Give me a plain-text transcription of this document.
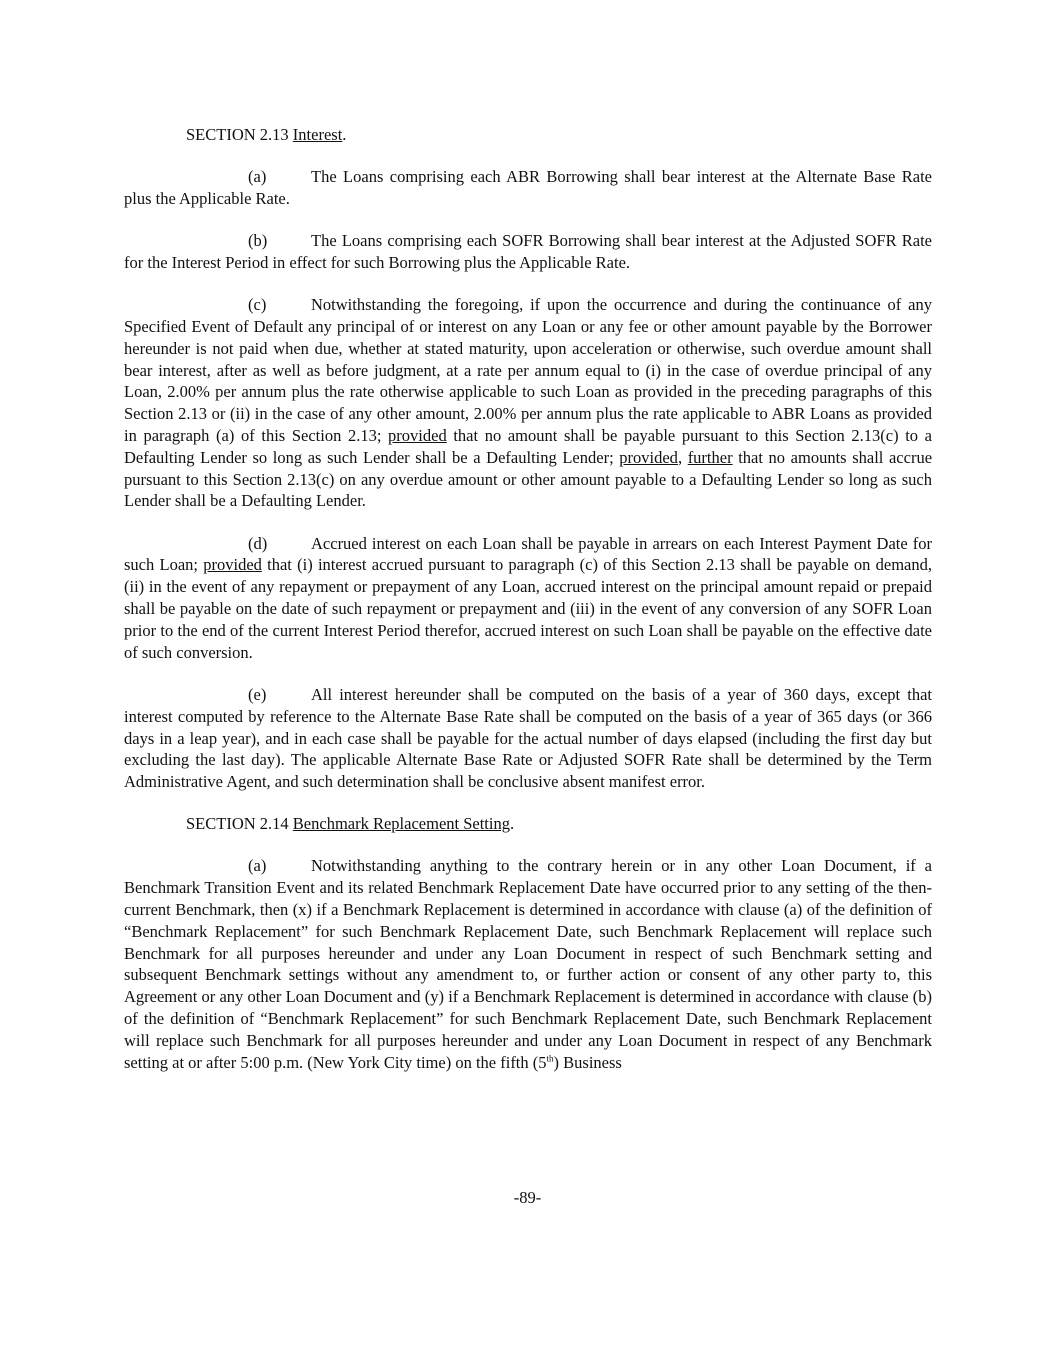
SECTION 2.13 Interest.

(a)	The Loans comprising each ABR Borrowing shall bear interest at the Alternate Base Rate plus the Applicable Rate.

(b)	The Loans comprising each SOFR Borrowing shall bear interest at the Adjusted SOFR Rate for the Interest Period in effect for such Borrowing plus the Applicable Rate.

(c)	Notwithstanding the foregoing, if upon the occurrence and during the continuance of any Specified Event of Default any principal of or interest on any Loan or any fee or other amount payable by the Borrower hereunder is not paid when due, whether at stated maturity, upon acceleration or otherwise, such overdue amount shall bear interest, after as well as before judgment, at a rate per annum equal to (i) in the case of overdue principal of any Loan, 2.00% per annum plus the rate otherwise applicable to such Loan as provided in the preceding paragraphs of this Section 2.13 or (ii) in the case of any other amount, 2.00% per annum plus the rate applicable to ABR Loans as provided in paragraph (a) of this Section 2.13; provided that no amount shall be payable pursuant to this Section 2.13(c) to a Defaulting Lender so long as such Lender shall be a Defaulting Lender; provided, further that no amounts shall accrue pursuant to this Section 2.13(c) on any overdue amount or other amount payable to a Defaulting Lender so long as such Lender shall be a Defaulting Lender.

(d)	Accrued interest on each Loan shall be payable in arrears on each Interest Payment Date for such Loan; provided that (i) interest accrued pursuant to paragraph (c) of this Section 2.13 shall be payable on demand, (ii) in the event of any repayment or prepayment of any Loan, accrued interest on the principal amount repaid or prepaid shall be payable on the date of such repayment or prepayment and (iii) in the event of any conversion of any SOFR Loan prior to the end of the current Interest Period therefor, accrued interest on such Loan shall be payable on the effective date of such conversion.

(e)	All interest hereunder shall be computed on the basis of a year of 360 days, except that interest computed by reference to the Alternate Base Rate shall be computed on the basis of a year of 365 days (or 366 days in a leap year), and in each case shall be payable for the actual number of days elapsed (including the first day but excluding the last day). The applicable Alternate Base Rate or Adjusted SOFR Rate shall be determined by the Term Administrative Agent, and such determination shall be conclusive absent manifest error.

SECTION 2.14 Benchmark Replacement Setting.

(a)	Notwithstanding anything to the contrary herein or in any other Loan Document, if a Benchmark Transition Event and its related Benchmark Replacement Date have occurred prior to any setting of the then-current Benchmark, then (x) if a Benchmark Replacement is determined in accordance with clause (a) of the definition of “Benchmark Replacement” for such Benchmark Replacement Date, such Benchmark Replacement will replace such Benchmark for all purposes hereunder and under any Loan Document in respect of such Benchmark setting and subsequent Benchmark settings without any amendment to, or further action or consent of any other party to, this Agreement or any other Loan Document and (y) if a Benchmark Replacement is determined in accordance with clause (b) of the definition of “Benchmark Replacement” for such Benchmark Replacement Date, such Benchmark Replacement will replace such Benchmark for all purposes hereunder and under any Loan Document in respect of any Benchmark setting at or after 5:00 p.m. (New York City time) on the fifth (5th) Business

-89-
